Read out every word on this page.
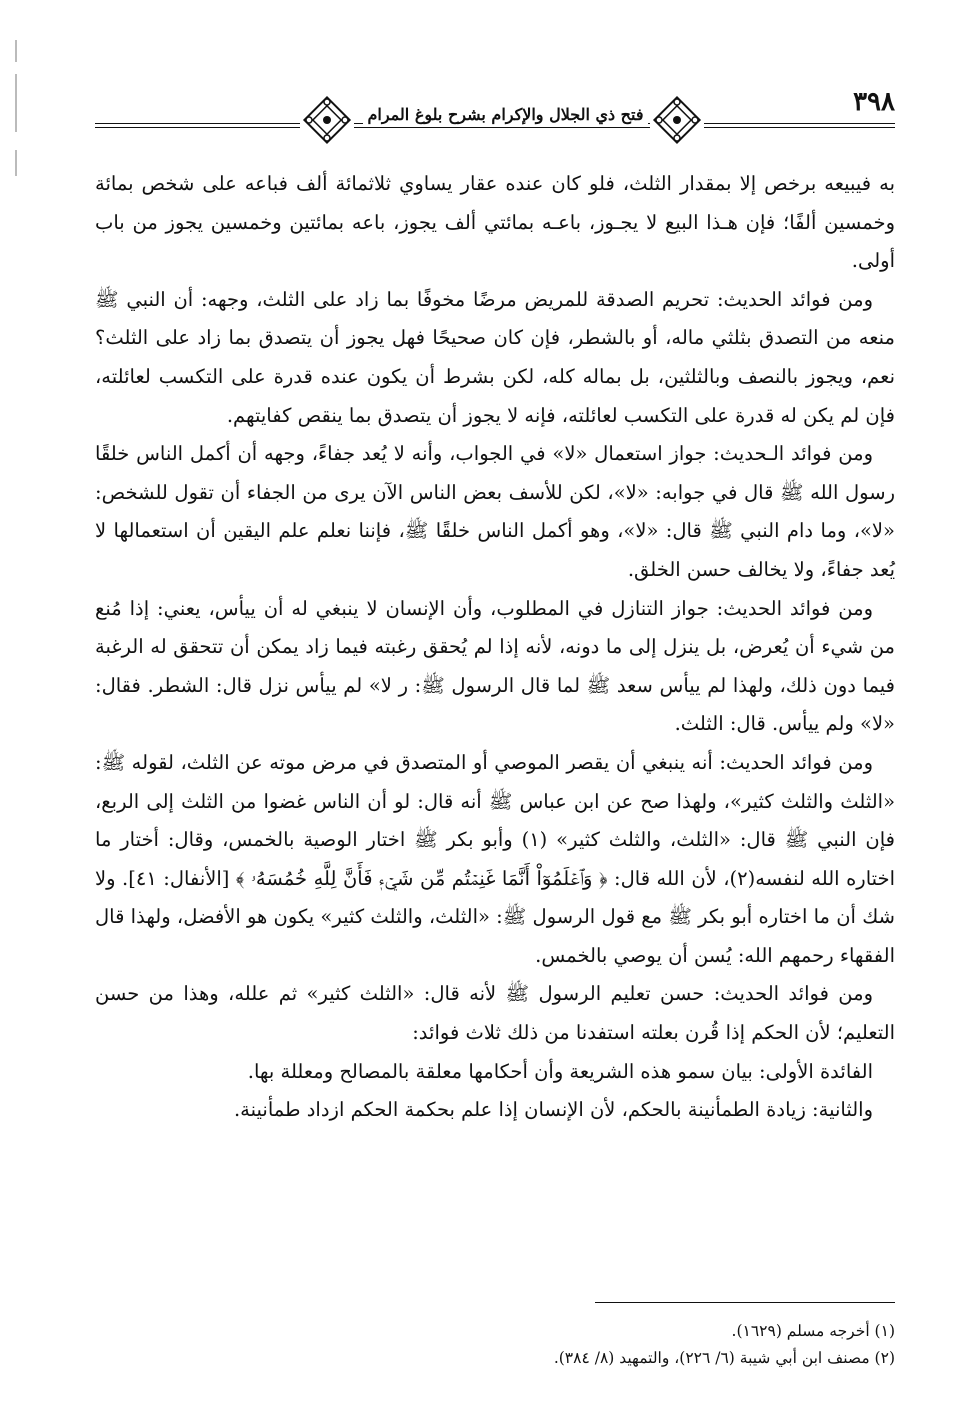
فتح ذي الجلال والإكرام بشرح بلوغ المرام	٣٩٨

به فيبيعه برخص إلا بمقدار الثلث، فلو كان عنده عقار يساوي ثلاثمائة ألف فباعه على شخص بمائة وخمسين ألفًا؛ فإن هـذا البيع لا يجـوز، باعـه بمائتي ألف يجوز، باعه بمائتين وخمسين يجوز من باب أولى.

ومن فوائد الحديث: تحريم الصدقة للمريض مرضًا مخوفًا بما زاد على الثلث، وجهه: أن النبي ﷺ منعه من التصدق بثلثي ماله، أو بالشطر، فإن كان صحيحًا فهل يجوز أن يتصدق بما زاد على الثلث؟ نعم، ويجوز بالنصف وبالثلثين، بل بماله كله، لكن بشرط أن يكون عنده قدرة على التكسب لعائلته، فإن لم يكن له قدرة على التكسب لعائلته، فإنه لا يجوز أن يتصدق بما ينقص كفايتهم.

ومن فوائد الـحديث: جواز استعمال «لا» في الجواب، وأنه لا يُعد جفاءً، وجهه أن أكمل الناس خلقًا رسول الله ﷺ قال في جوابه: «لا»، لكن للأسف بعض الناس الآن يرى من الجفاء أن تقول للشخص: «لا»، وما دام النبي ﷺ قال: «لا»، وهو أكمل الناس خلقًا ﷺ، فإننا نعلم علم اليقين أن استعمالها لا يُعد جفاءً، ولا يخالف حسن الخلق.

ومن فوائد الحديث: جواز التنازل في المطلوب، وأن الإنسان لا ينبغي له أن ييأس، يعني: إذا مُنع من شيء أن يُعرض، بل ينزل إلى ما دونه، لأنه إذا لم يُحقق رغبته فيما زاد يمكن أن تتحقق له الرغبة فيما دون ذلك، ولهذا لم ييأس سعد ﷺ لما قال الرسول ﷺ: ر لا» لم ييأس نزل قال: الشطر. فقال: «لا» ولم ييأس. قال: الثلث.

ومن فوائد الحديث: أنه ينبغي أن يقصر الموصي أو المتصدق في مرض موته عن الثلث، لقوله ﷺ: «الثلث والثلث كثير»، ولهذا صح عن ابن عباس ﷺ أنه قال: لو أن الناس غضوا من الثلث إلى الربع، فإن النبي ﷺ قال: «الثلث، والثلث كثير» (١) وأبو بكر ﷺ اختار الوصية بالخمس، وقال: أختار ما اختاره الله لنفسه(٢)، لأن الله قال: ﴿ وَٱعۡلَمُوٓاْ أَنَّمَا غَنِمۡتُم مِّن شَيۡءٖ فَأَنَّ لِلَّهِ خُمُسَهُۥ ﴾ [الأنفال: ٤١]. ولا شك أن ما اختاره أبو بكر ﷺ مع قول الرسول ﷺ: «الثلث، والثلث كثير» يكون هو الأفضل، ولهذا قال الفقهاء رحمهم الله: يُسن أن يوصي بالخمس.

ومن فوائد الحديث: حسن تعليم الرسول ﷺ لأنه قال: «الثلث كثير» ثم علله، وهذا من حسن التعليم؛ لأن الحكم إذا قُرن بعلته استفدنا من ذلك ثلاث فوائد:

الفائدة الأولى: بيان سمو هذه الشريعة وأن أحكامها معلقة بالمصالح ومعللة بها.

والثانية: زيادة الطمأنينة بالحكم، لأن الإنسان إذا علم بحكمة الحكم ازداد طمأنينة.

(١) أخرجه مسلم (١٦٢٩).

(٢) مصنف ابن أبي شيبة (٦/ ٢٢٦)، والتمهيد (٨/ ٣٨٤).
